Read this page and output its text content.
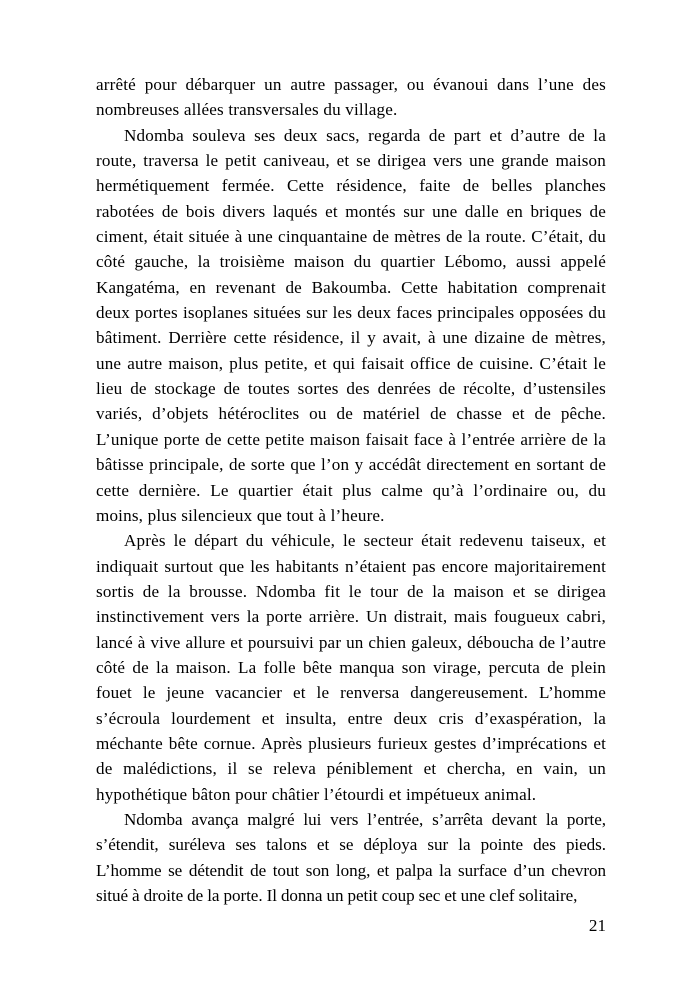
arrêté pour débarquer un autre passager, ou évanoui dans l’une des nombreuses allées transversales du village.

Ndomba souleva ses deux sacs, regarda de part et d’autre de la route, traversa le petit caniveau, et se dirigea vers une grande maison hermétiquement fermée. Cette résidence, faite de belles planches rabotées de bois divers laqués et montés sur une dalle en briques de ciment, était située à une cinquantaine de mètres de la route. C’était, du côté gauche, la troisième maison du quartier Lébomo, aussi appelé Kangatéma, en revenant de Bakoumba. Cette habitation comprenait deux portes isoplanes situées sur les deux faces principales opposées du bâtiment. Derrière cette résidence, il y avait, à une dizaine de mètres, une autre maison, plus petite, et qui faisait office de cuisine. C’était le lieu de stockage de toutes sortes des denrées de récolte, d’ustensiles variés, d’objets hétéroclites ou de matériel de chasse et de pêche. L’unique porte de cette petite maison faisait face à l’entrée arrière de la bâtisse principale, de sorte que l’on y accédât directement en sortant de cette dernière. Le quartier était plus calme qu’à l’ordinaire ou, du moins, plus silencieux que tout à l’heure.

Après le départ du véhicule, le secteur était redevenu taiseux, et indiquait surtout que les habitants n’étaient pas encore majoritairement sortis de la brousse. Ndomba fit le tour de la maison et se dirigea instinctivement vers la porte arrière. Un distrait, mais fougueux cabri, lancé à vive allure et poursuivi par un chien galeux, déboucha de l’autre côté de la maison. La folle bête manqua son virage, percuta de plein fouet le jeune vacancier et le renversa dangereusement. L’homme s’écroula lourdement et insulta, entre deux cris d’exaspération, la méchante bête cornue. Après plusieurs furieux gestes d’imprécations et de malédictions, il se releva péniblement et chercha, en vain, un hypothétique bâton pour châtier l’étourdi et impétueux animal.

Ndomba avança malgré lui vers l’entrée, s’arrêta devant la porte, s’étendit, suréleva ses talons et se déploya sur la pointe des pieds. L’homme se détendit de tout son long, et palpa la surface d’un chevron situé à droite de la porte. Il donna un petit coup sec et une clef solitaire,

21
